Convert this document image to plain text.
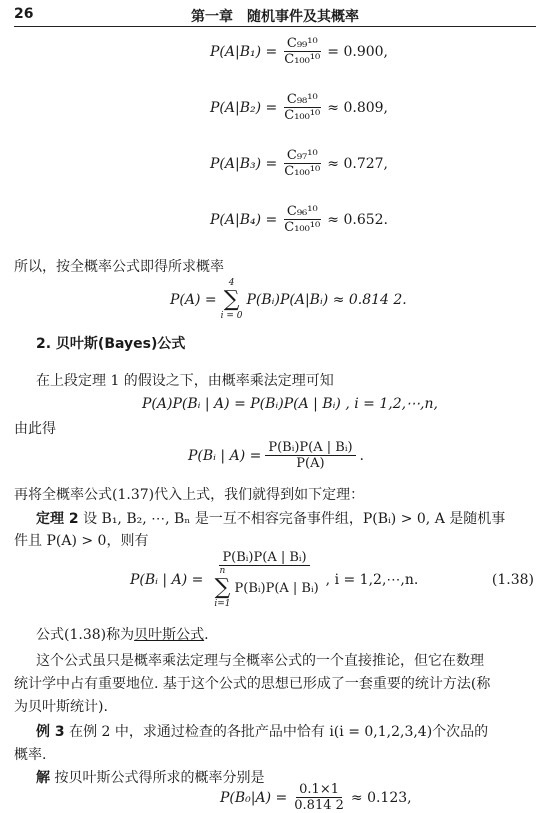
26	第一章　随机事件及其概率
$P(A|B_1) = \frac{\text{C₉₉¹⁰}}{\text{C₁₀₀¹⁰}} = 0.900$,
$P(A|B_2) = \frac{\text{C₉₈¹⁰}}{\text{C₁₀₀¹⁰}} \approx 0.809$,
$P(A|B_3) = \frac{\text{C₉₇¹⁰}}{\text{C₁₀₀¹⁰}} \approx 0.727$,
$P(A|B_4) = \frac{\text{C₉₆¹⁰}}{\text{C₁₀₀¹⁰}} \approx 0.652$.
所以，按全概率公式即得所求概率
P(A) =
4
∑
i = 0
P(Bᵢ)P(A|Bᵢ) ≈ 0.814 2.
2. 贝叶斯(Bayes)公式
在上段定理 1 的假设之下，由概率乘法定理可知
P(A)P(Bᵢ | A) = P(Bᵢ)P(A | Bᵢ) , i = 1,2,⋯,n,
由此得
P(Bᵢ | $A) = \frac{\text{P(Bᵢ)P(A | Bᵢ)}}{P(A)}$ .
再将全概率公式(1.37)代入上式，我们就得到如下定理：
定理 2 设 B₁, B₂, ⋯, Bₙ 是一互不相容完备事件组，P(Bᵢ) > 0, A 是随机事
件且 P(A) > 0，则有
P(Bᵢ | A) = P(Bᵢ)P(A | Bᵢ)
n
∑
i=1
P(Bᵢ)P(A | Bᵢ) , i = 1,2,⋯,n.	(1.38)
公式(1.38)称为贝叶斯公式.
这个公式虽只是概率乘法定理与全概率公式的一个直接推论，但它在数理
统计学中占有重要地位. 基于这个公式的思想已形成了一套重要的统计方法(称
为贝叶斯统计).
例 3 在例 2 中，求通过检查的各批产品中恰有 i(i = 0,1,2,3,4)个次品的
概率.
解 按贝叶斯公式得所求的概率分别是
$P(B_0|A) = \frac{0.1\times 1}{0.814 2} \approx 0.123$,
